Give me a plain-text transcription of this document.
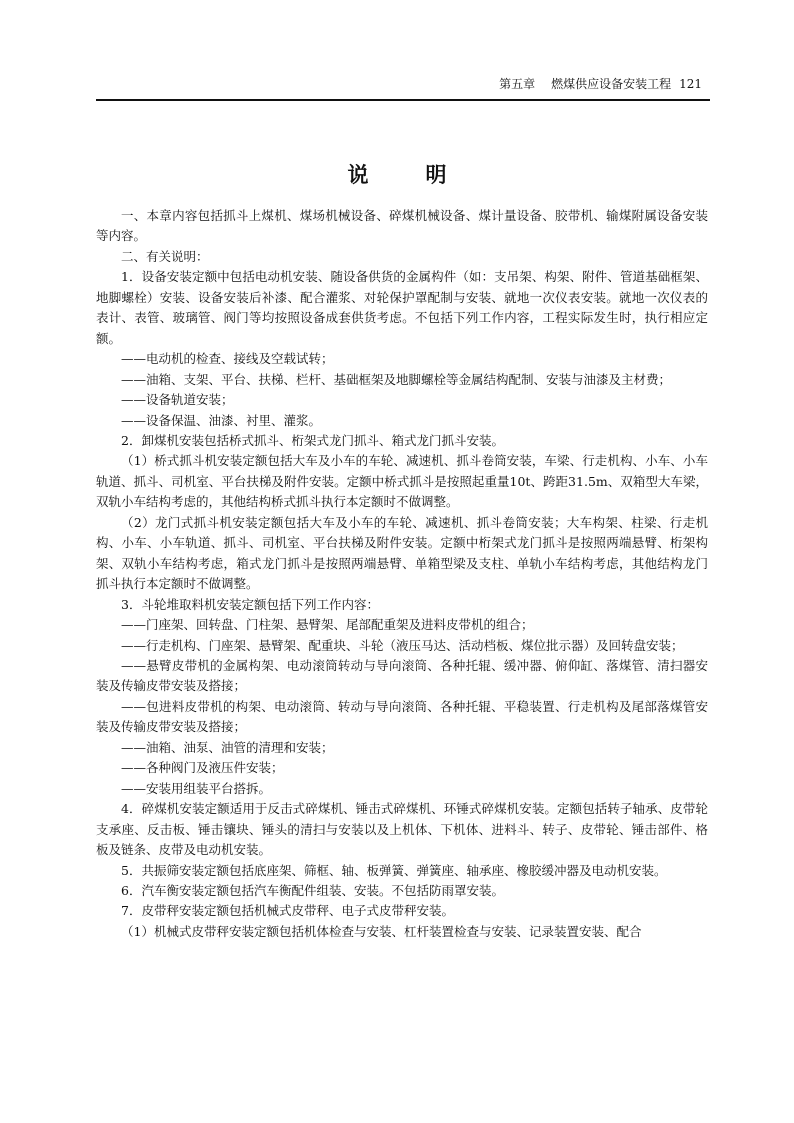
第五章 燃煤供应设备安装工程 121
说　明

一、本章内容包括抓斗上煤机、煤场机械设备、碎煤机械设备、煤计量设备、胶带机、输煤附属设备安装等内容。

二、有关说明：

1．设备安装定额中包括电动机安装、随设备供货的金属构件（如：支吊架、构架、附件、管道基础框架、地脚螺栓）安装、设备安装后补漆、配合灌浆、对轮保护罩配制与安装、就地一次仪表安装。就地一次仪表的表计、表管、玻璃管、阀门等均按照设备成套供货考虑。不包括下列工作内容，工程实际发生时，执行相应定额。

——电动机的检查、接线及空载试转；

——油箱、支架、平台、扶梯、栏杆、基础框架及地脚螺栓等金属结构配制、安装与油漆及主材费；

——设备轨道安装；

——设备保温、油漆、衬里、灌浆。

2．卸煤机安装包括桥式抓斗、桁架式龙门抓斗、箱式龙门抓斗安装。

（1）桥式抓斗机安装定额包括大车及小车的车轮、减速机、抓斗卷筒安装，车梁、行走机构、小车、小车轨道、抓斗、司机室、平台扶梯及附件安装。定额中桥式抓斗是按照起重量10t、跨距31.5m、双箱型大车梁，双轨小车结构考虑的，其他结构桥式抓斗执行本定额时不做调整。

（2）龙门式抓斗机安装定额包括大车及小车的车轮、减速机、抓斗卷筒安装；大车构架、柱梁、行走机构、小车、小车轨道、抓斗、司机室、平台扶梯及附件安装。定额中桁架式龙门抓斗是按照两端悬臂、桁架构架、双轨小车结构考虑，箱式龙门抓斗是按照两端悬臂、单箱型梁及支柱、单轨小车结构考虑，其他结构龙门抓斗执行本定额时不做调整。

3．斗轮堆取料机安装定额包括下列工作内容：

——门座架、回转盘、门柱架、悬臂架、尾部配重架及进料皮带机的组合；

——行走机构、门座架、悬臂架、配重块、斗轮（液压马达、活动档板、煤位批示器）及回转盘安装；

——悬臂皮带机的金属构架、电动滚筒转动与导向滚筒、各种托辊、缓冲器、俯仰缸、落煤管、清扫器安装及传输皮带安装及搭接；

——包进料皮带机的构架、电动滚筒、转动与导向滚筒、各种托辊、平稳装置、行走机构及尾部落煤管安装及传输皮带安装及搭接；

——油箱、油泵、油管的清理和安装；

——各种阀门及液压件安装；

——安装用组装平台搭拆。

4．碎煤机安装定额适用于反击式碎煤机、锤击式碎煤机、环锤式碎煤机安装。定额包括转子轴承、皮带轮支承座、反击板、锤击镶块、锤头的清扫与安装以及上机体、下机体、进料斗、转子、皮带轮、锤击部件、格板及链条、皮带及电动机安装。

5．共振筛安装定额包括底座架、筛框、轴、板弹簧、弹簧座、轴承座、橡胶缓冲器及电动机安装。

6．汽车衡安装定额包括汽车衡配件组装、安装。不包括防雨罩安装。

7．皮带秤安装定额包括机械式皮带秤、电子式皮带秤安装。

（1）机械式皮带秤安装定额包括机体检查与安装、杠杆装置检查与安装、记录装置安装、配合
